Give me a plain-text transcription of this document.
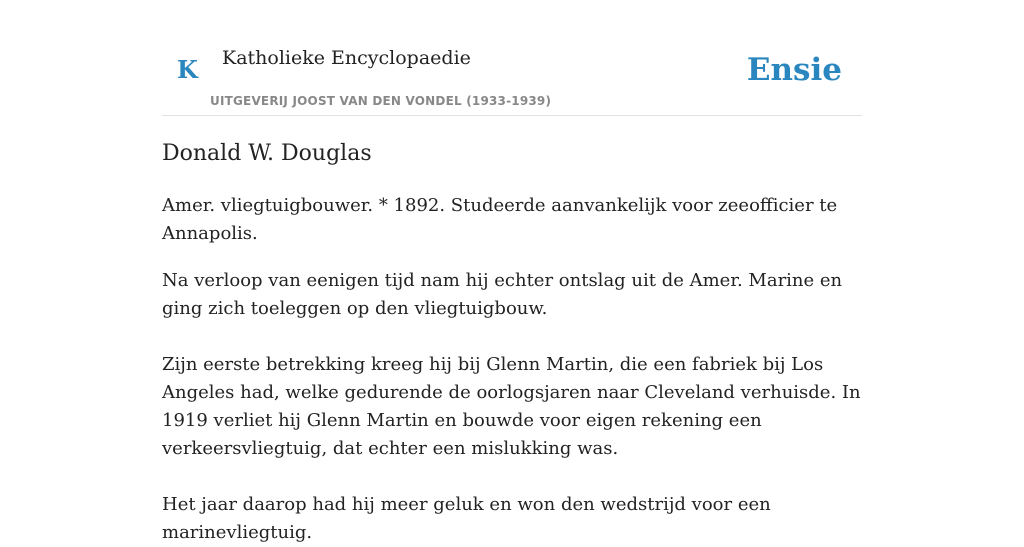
K Katholieke Encyclopaedie
UITGEVERIJ JOOST VAN DEN VONDEL (1933-1939)
Ensie
Donald W. Douglas

Amer. vliegtuigbouwer. * 1892. Studeerde aanvankelijk voor zeeofficier te Annapolis.

Na verloop van eenigen tijd nam hij echter ontslag uit de Amer. Marine en ging zich toeleggen op den vliegtuigbouw.

Zijn eerste betrekking kreeg hij bij Glenn Martin, die een fabriek bij Los Angeles had, welke gedurende de oorlogsjaren naar Cleveland verhuisde. In 1919 verliet hij Glenn Martin en bouwde voor eigen rekening een verkeersvliegtuig, dat echter een mislukking was.

Het jaar daarop had hij meer geluk en won den wedstrijd voor een marinevliegtuig.
